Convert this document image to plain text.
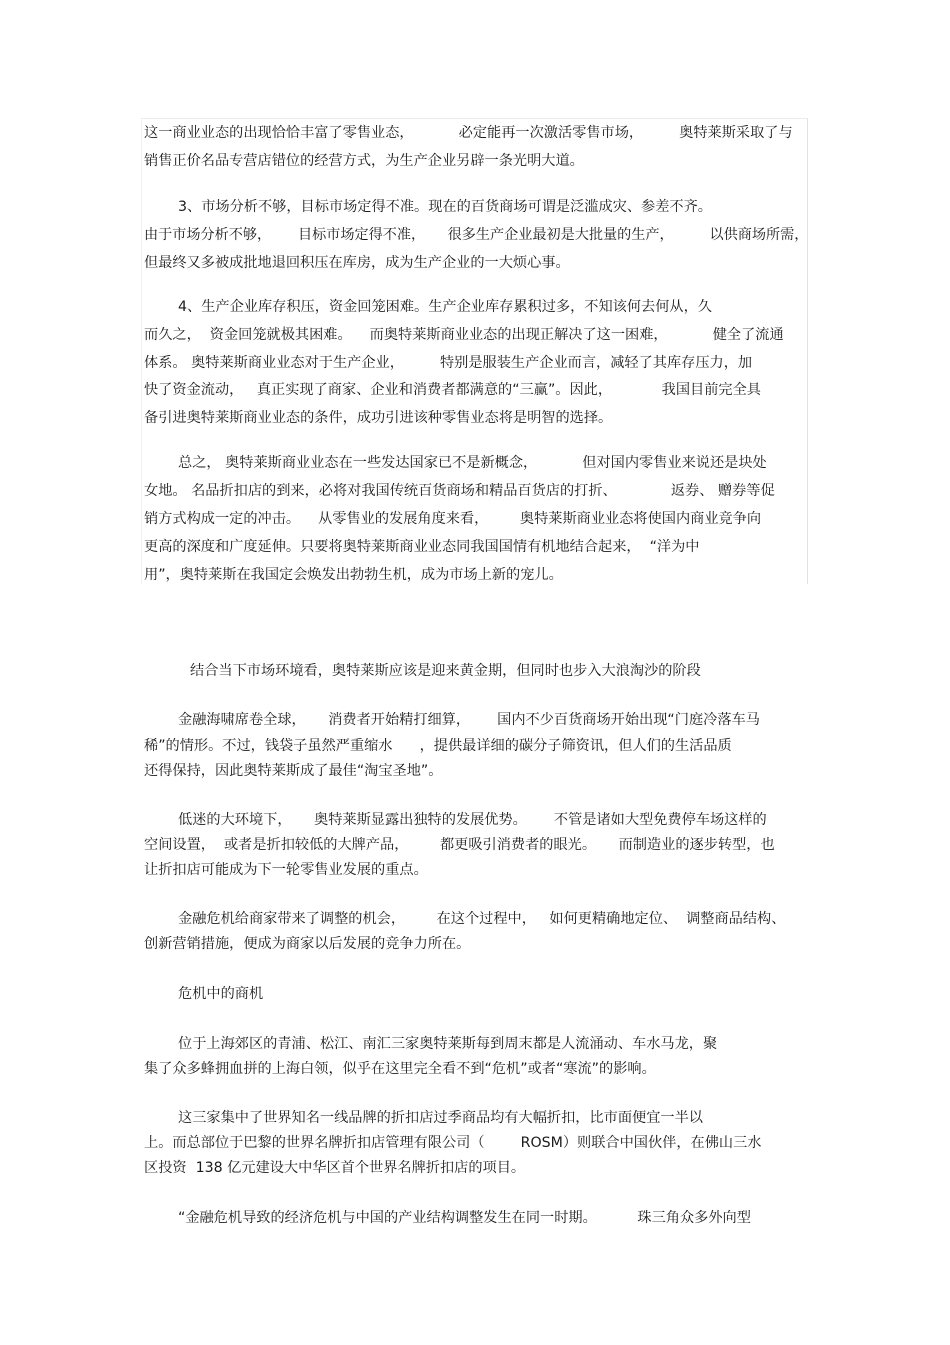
这一商业业态的出现恰恰丰富了零售业态，          必定能再一次激活零售市场，        奥特莱斯采取了与
销售正价名品专营店错位的经营方式，为生产企业另辟一条光明大道。
3、市场分析不够，目标市场定得不准。现在的百货商场可谓是泛滥成灾、参差不齐。
由于市场分析不够，      目标市场定得不准，     很多生产企业最初是大批量的生产，        以供商场所需，
但最终又多被成批地退回积压在库房，成为生产企业的一大烦心事。
4、生产企业库存积压，资金回笼困难。生产企业库存累积过多，不知该何去何从，久
而久之，  资金回笼就极其困难。    而奥特莱斯商业业态的出现正解决了这一困难，          健全了流通
体系。 奥特莱斯商业业态对于生产企业，        特别是服装生产企业而言，减轻了其库存压力，加
快了资金流动，   真正实现了商家、企业和消费者都满意的“三赢”。因此，           我国目前完全具
备引进奥特莱斯商业业态的条件，成功引进该种零售业态将是明智的选择。
总之， 奥特莱斯商业业态在一些发达国家已不是新概念，          但对国内零售业来说还是块处
女地。 名品折扣店的到来，必将对我国传统百货商场和精品百货店的打折、            返券、 赠券等促
销方式构成一定的冲击。    从零售业的发展角度来看，       奥特莱斯商业业态将使国内商业竞争向
更高的深度和广度延伸。只要将奥特莱斯商业业态同我国国情有机地结合起来，  “洋为中
用”，奥特莱斯在我国定会焕发出勃勃生机，成为市场上新的宠儿。
结合当下市场环境看，奥特莱斯应该是迎来黄金期，但同时也步入大浪淘沙的阶段
金融海啸席卷全球，     消费者开始精打细算，      国内不少百货商场开始出现“门庭冷落车马
稀”的情形。不过，钱袋子虽然严重缩水      ，提供最详细的碳分子筛资讯，但人们的生活品质
还得保持，因此奥特莱斯成了最佳“淘宝圣地”。
低迷的大环境下，     奥特莱斯显露出独特的发展优势。      不管是诸如大型免费停车场这样的
空间设置，  或者是折扣较低的大牌产品，       都更吸引消费者的眼光。     而制造业的逐步转型，也
让折扣店可能成为下一轮零售业发展的重点。
金融危机给商家带来了调整的机会，       在这个过程中，   如何更精确地定位、  调整商品结构、
创新营销措施，便成为商家以后发展的竞争力所在。
危机中的商机
位于上海郊区的青浦、松江、南汇三家奥特莱斯每到周末都是人流涌动、车水马龙，聚
集了众多蜂拥血拼的上海白领，似乎在这里完全看不到“危机”或者“寒流”的影响。
这三家集中了世界知名一线品牌的折扣店过季商品均有大幅折扣，比市面便宜一半以
上。而总部位于巴黎的世界名牌折扣店管理有限公司（        ROSM）则联合中国伙伴，在佛山三水
区投资  138 亿元建设大中华区首个世界名牌折扣店的项目。
“金融危机导致的经济危机与中国的产业结构调整发生在同一时期。         珠三角众多外向型
